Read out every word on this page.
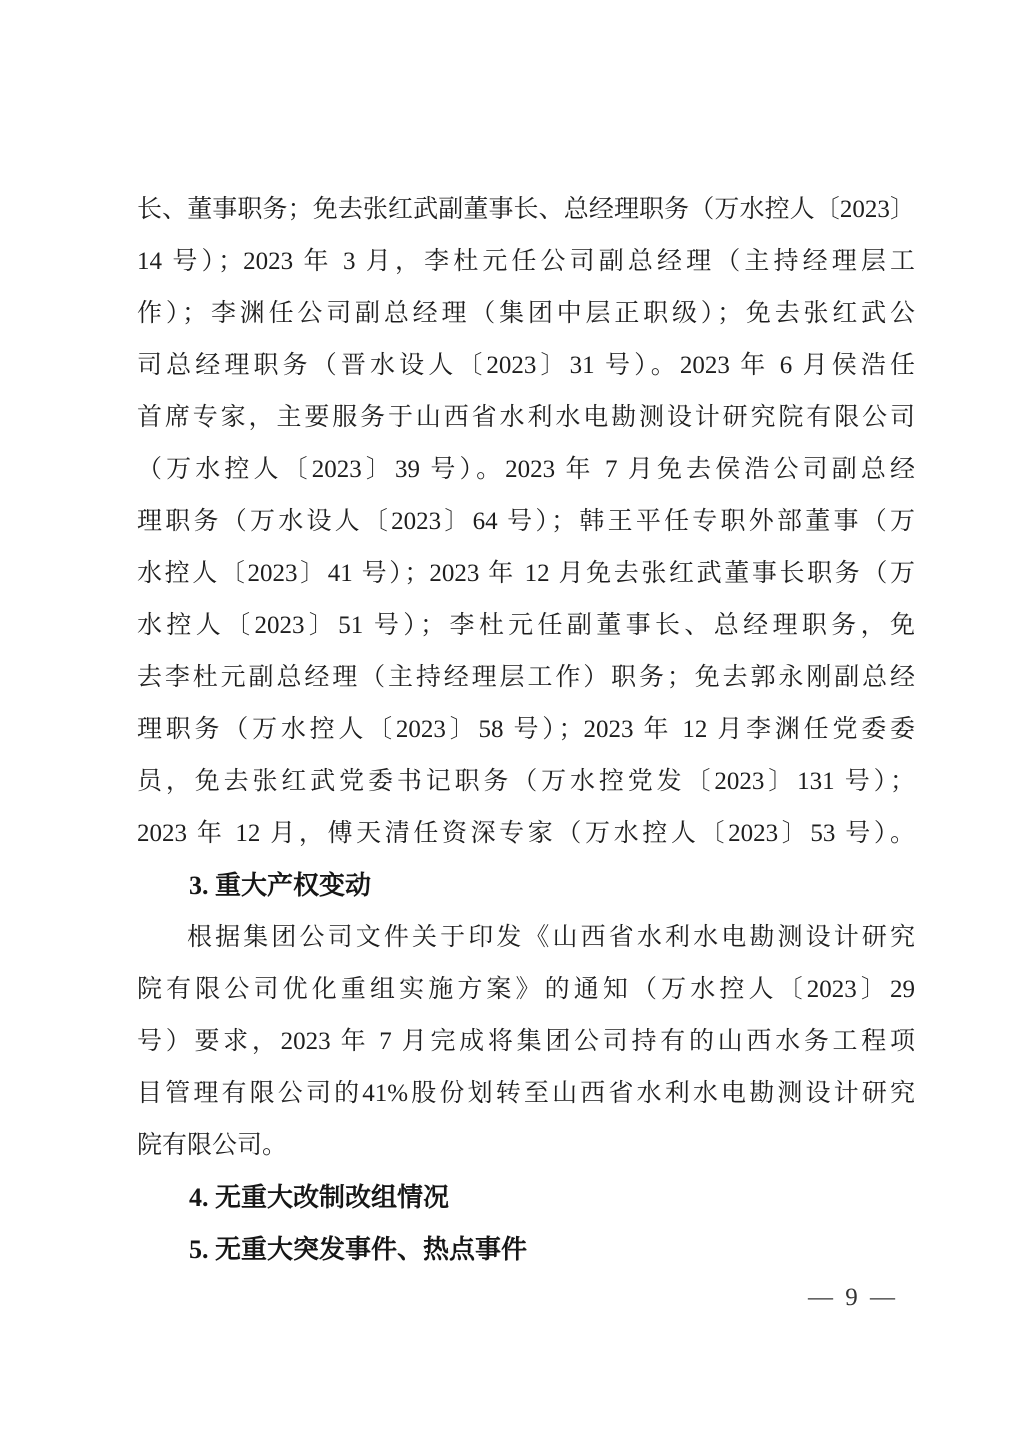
长、董事职务；免去张红武副董事长、总经理职务（万水控人〔2023〕
14 号）；2023 年 3 月，李杜元任公司副总经理（主持经理层工
作）；李渊任公司副总经理（集团中层正职级）；免去张红武公
司总经理职务（晋水设人〔2023〕31 号）。2023 年 6 月侯浩任
首席专家，主要服务于山西省水利水电勘测设计研究院有限公司
（万水控人〔2023〕39 号）。2023 年 7 月免去侯浩公司副总经
理职务（万水设人〔2023〕64 号）；韩王平任专职外部董事（万
水控人〔2023〕41 号）；2023 年 12 月免去张红武董事长职务（万
水控人〔2023〕51 号）；李杜元任副董事长、总经理职务，免
去李杜元副总经理（主持经理层工作）职务；免去郭永刚副总经
理职务（万水控人〔2023〕58 号）；2023 年 12 月李渊任党委委
员，免去张红武党委书记职务（万水控党发〔2023〕131 号）；
2023 年 12 月，傅天清任资深专家（万水控人〔2023〕53 号）。
3. 重大产权变动
根据集团公司文件关于印发《山西省水利水电勘测设计研究
院有限公司优化重组实施方案》的通知（万水控人〔2023〕29
号）要求，2023 年 7 月完成将集团公司持有的山西水务工程项
目管理有限公司的41%股份划转至山西省水利水电勘测设计研究
院有限公司。
4. 无重大改制改组情况
5. 无重大突发事件、热点事件
— 9 —
